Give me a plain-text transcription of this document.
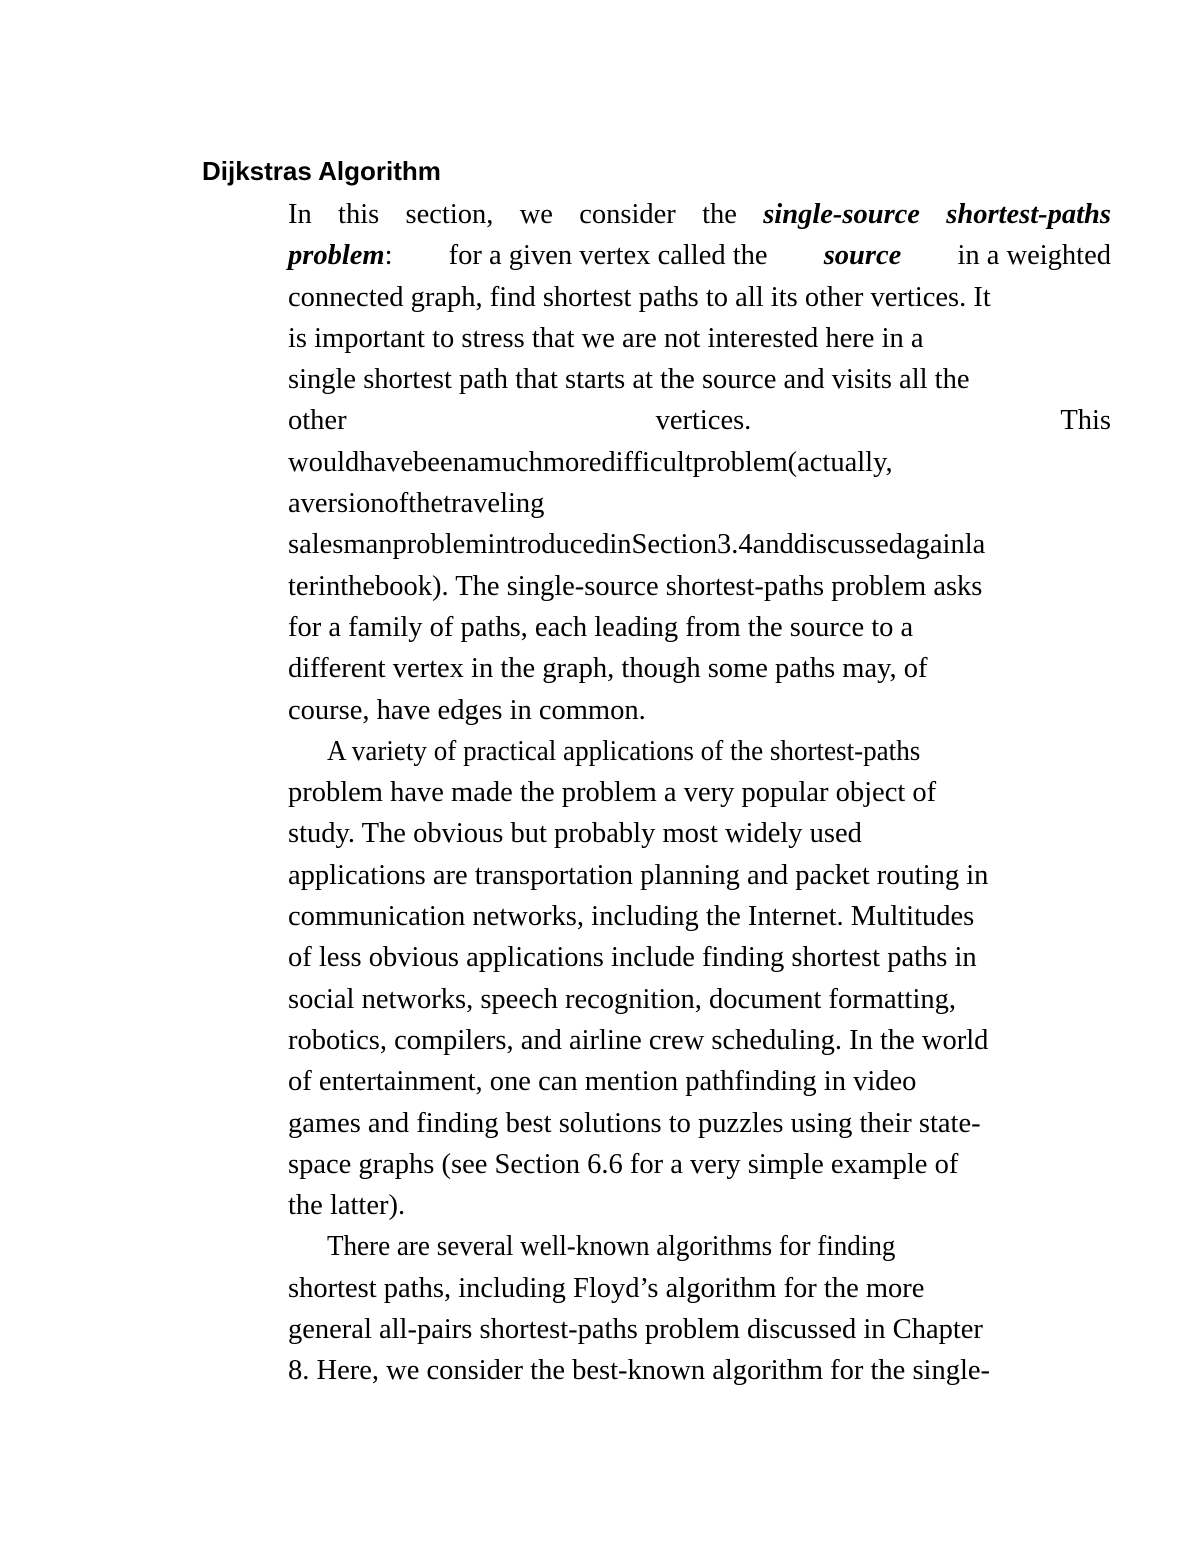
Dijkstras Algorithm
In this section, we consider the single-source shortest-paths
problem: for a given vertex called the source in a weighted
connected graph, find shortest paths to all its other vertices. It
is important to stress that we are not interested here in a
single shortest path that starts at the source and visits all the
other	vertices.	This
wouldhavebeenamuchmoredifficultproblem(actually,
aversionofthetraveling
salesmanproblemintroducedinSection3.4anddiscussedagainla
terinthebook). The single-source shortest-paths problem asks
for a family of paths, each leading from the source to a
different vertex in the graph, though some paths may, of
course, have edges in common.
A variety of practical applications of the shortest-paths
problem have made the problem a very popular object of
study. The obvious but probably most widely used
applications are transportation planning and packet routing in
communication networks, including the Internet. Multitudes
of less obvious applications include finding shortest paths in
social networks, speech recognition, document formatting,
robotics, compilers, and airline crew scheduling. In the world
of entertainment, one can mention pathfinding in video
games and finding best solutions to puzzles using their state-
space graphs (see Section 6.6 for a very simple example of
the latter).
There are several well-known algorithms for finding
shortest paths, including Floyd’s algorithm for the more
general all-pairs shortest-paths problem discussed in Chapter
8. Here, we consider the best-known algorithm for the single-
